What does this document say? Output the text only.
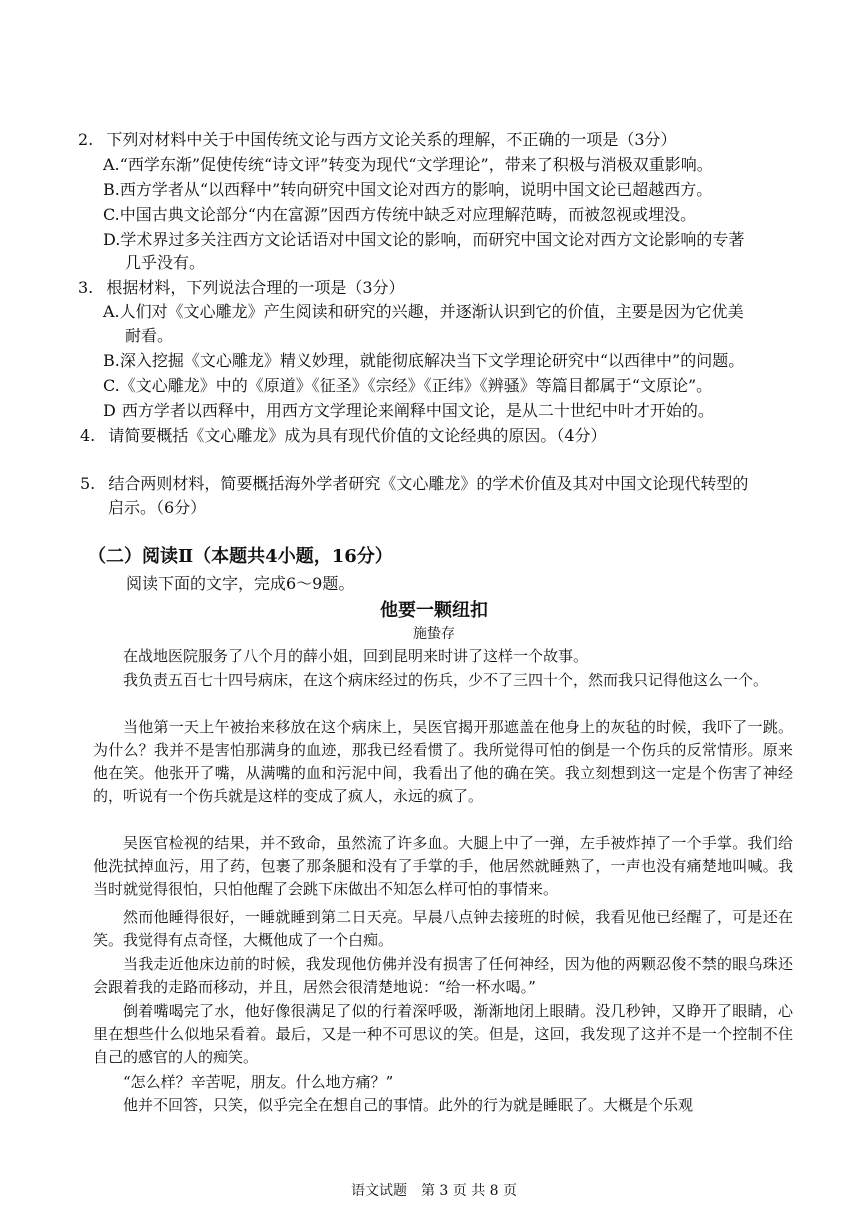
2. 下列对材料中关于中国传统文论与西方文论关系的理解，不正确的一项是（3分）
A.“西学东渐”促使传统“诗文评”转变为现代“文学理论”，带来了积极与消极双重影响。
B.西方学者从“以西释中”转向研究中国文论对西方的影响，说明中国文论已超越西方。
C.中国古典文论部分“内在富源”因西方传统中缺乏对应理解范畴，而被忽视或埋没。
D.学术界过多关注西方文论话语对中国文论的影响，而研究中国文论对西方文论影响的专著
几乎没有。
3. 根据材料，下列说法合理的一项是（3分）
A.人们对《文心雕龙》产生阅读和研究的兴趣，并逐渐认识到它的价值，主要是因为它优美
耐看。
B.深入挖掘《文心雕龙》精义妙理，就能彻底解决当下文学理论研究中“以西律中”的问题。
C.《文心雕龙》中的《原道》《征圣》《宗经》《正纬》《辨骚》等篇目都属于“文原论”。
D 西方学者以西释中，用西方文学理论来阐释中国文论，是从二十世纪中叶才开始的。
4. 请简要概括《文心雕龙》成为具有现代价值的文论经典的原因。（4分）
5. 结合两则材料，简要概括海外学者研究《文心雕龙》的学术价值及其对中国文论现代转型的
启示。（6分）
（二）阅读Ⅱ（本题共4小题，16分）
阅读下面的文字，完成6～9题。
他要一颗纽扣
施蛰存

在战地医院服务了八个月的薛小姐，回到昆明来时讲了这样一个故事。

我负责五百七十四号病床，在这个病床经过的伤兵，少不了三四十个，然而我只记得他这么一个。

当他第一天上午被抬来移放在这个病床上，吴医官揭开那遮盖在他身上的灰毡的时候，我吓了一跳。为什么？我并不是害怕那满身的血迹，那我已经看惯了。我所觉得可怕的倒是一个伤兵的反常情形。原来他在笑。他张开了嘴，从满嘴的血和污泥中间，我看出了他的确在笑。我立刻想到这一定是个伤害了神经的，听说有一个伤兵就是这样的变成了疯人，永远的疯了。

吴医官检视的结果，并不致命，虽然流了许多血。大腿上中了一弹，左手被炸掉了一个手掌。我们给他洗拭掉血污，用了药，包裹了那条腿和没有了手掌的手，他居然就睡熟了，一声也没有痛楚地叫喊。我当时就觉得很怕，只怕他醒了会跳下床做出不知怎么样可怕的事情来。

然而他睡得很好，一睡就睡到第二日天亮。早晨八点钟去接班的时候，我看见他已经醒了，可是还在笑。我觉得有点奇怪，大概他成了一个白痴。

当我走近他床边前的时候，我发现他仿佛并没有损害了任何神经，因为他的两颗忍俊不禁的眼乌珠还会跟着我的走路而移动，并且，居然会很清楚地说：“给一杯水喝。”

倒着嘴喝完了水，他好像很满足了似的行着深呼吸，渐渐地闭上眼睛。没几秒钟，又睁开了眼睛，心里在想些什么似地呆看着。最后，又是一种不可思议的笑。但是，这回，我发现了这并不是一个控制不住自己的感官的人的痴笑。

“怎么样？辛苦呢，朋友。什么地方痛？”

他并不回答，只笑，似乎完全在想自己的事情。此外的行为就是睡眠了。大概是个乐观

语文试题　第 3 页 共 8 页
